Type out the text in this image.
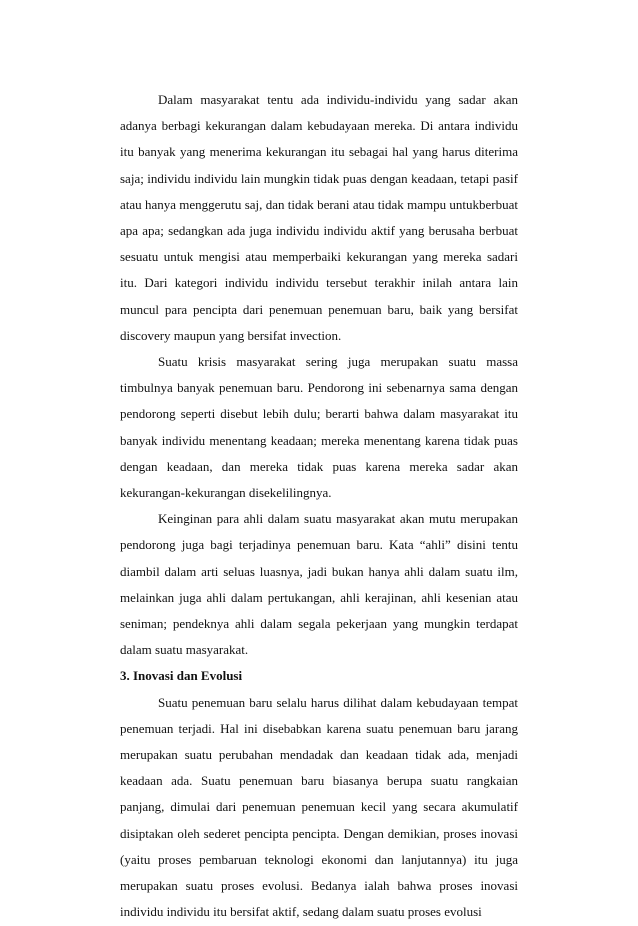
Dalam masyarakat tentu ada individu-individu yang sadar akan adanya berbagi kekurangan dalam kebudayaan mereka. Di antara individu itu banyak yang menerima kekurangan itu sebagai hal yang harus diterima saja; individu individu lain mungkin tidak puas dengan keadaan, tetapi pasif atau hanya menggerutu saj, dan tidak berani atau tidak mampu untukberbuat apa apa; sedangkan ada juga individu individu aktif yang berusaha berbuat sesuatu untuk mengisi atau memperbaiki kekurangan yang mereka sadari itu. Dari kategori individu individu tersebut terakhir inilah antara lain muncul para pencipta dari penemuan penemuan baru, baik yang bersifat discovery maupun yang bersifat invection.

Suatu krisis masyarakat sering juga merupakan suatu massa timbulnya banyak penemuan baru. Pendorong ini sebenarnya sama dengan pendorong seperti disebut lebih dulu; berarti bahwa dalam masyarakat itu banyak individu menentang keadaan; mereka menentang karena tidak puas dengan keadaan, dan mereka tidak puas karena mereka sadar akan kekurangan-kekurangan disekelilingnya.

Keinginan para ahli dalam suatu masyarakat akan mutu merupakan pendorong juga bagi terjadinya penemuan baru. Kata “ahli” disini tentu diambil dalam arti seluas luasnya, jadi bukan hanya ahli dalam suatu ilm, melainkan juga ahli dalam pertukangan, ahli kerajinan, ahli kesenian atau seniman; pendeknya ahli dalam segala pekerjaan yang mungkin terdapat dalam suatu masyarakat.

3. Inovasi dan Evolusi

Suatu penemuan baru selalu harus dilihat dalam kebudayaan tempat penemuan terjadi. Hal ini disebabkan karena suatu penemuan baru jarang merupakan suatu perubahan mendadak dan keadaan tidak ada, menjadi keadaan ada. Suatu penemuan baru biasanya berupa suatu rangkaian panjang, dimulai dari penemuan penemuan kecil yang secara akumulatif disiptakan oleh sederet pencipta pencipta. Dengan demikian, proses inovasi (yaitu proses pembaruan teknologi ekonomi dan lanjutannya) itu juga merupakan suatu proses evolusi. Bedanya ialah bahwa proses inovasi individu individu itu bersifat aktif, sedang dalam suatu proses evolusi
